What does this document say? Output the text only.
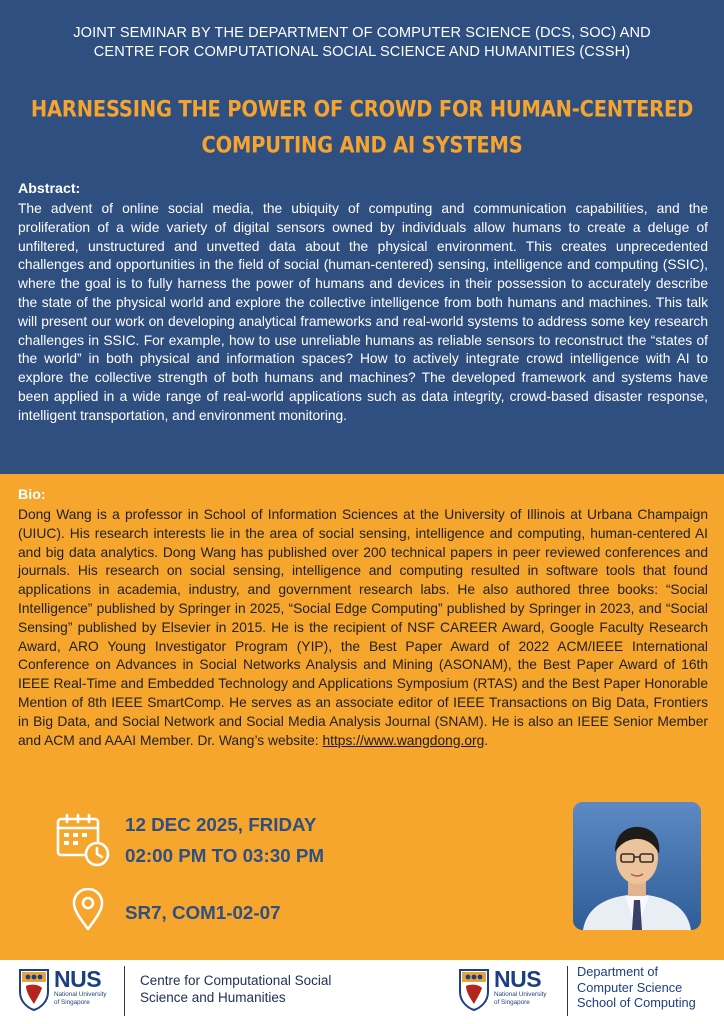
JOINT SEMINAR BY THE DEPARTMENT OF COMPUTER SCIENCE (DCS, SOC) AND
CENTRE FOR COMPUTATIONAL SOCIAL SCIENCE AND HUMANITIES (CSSH)
HARNESSING THE POWER OF CROWD FOR HUMAN-CENTERED
COMPUTING AND AI SYSTEMS

Abstract:

The advent of online social media, the ubiquity of computing and communication capabilities, and the proliferation of a wide variety of digital sensors owned by individuals allow humans to create a deluge of unfiltered, unstructured and unvetted data about the physical environment. This creates unprecedented challenges and opportunities in the field of social (human-centered) sensing, intelligence and computing (SSIC), where the goal is to fully harness the power of humans and devices in their possession to accurately describe the state of the physical world and explore the collective intelligence from both humans and machines. This talk will present our work on developing analytical frameworks and real-world systems to address some key research challenges in SSIC. For example, how to use unreliable humans as reliable sensors to reconstruct the “states of the world” in both physical and information spaces? How to actively integrate crowd intelligence with AI to explore the collective strength of both humans and machines? The developed framework and systems have been applied in a wide range of real-world applications such as data integrity, crowd-based disaster response, intelligent transportation, and environment monitoring.

Bio:

Dong Wang is a professor in School of Information Sciences at the University of Illinois at Urbana Champaign (UIUC). His research interests lie in the area of social sensing, intelligence and computing, human-centered AI and big data analytics. Dong Wang has published over 200 technical papers in peer reviewed conferences and journals. His research on social sensing, intelligence and computing resulted in software tools that found applications in academia, industry, and government research labs. He also authored three books: “Social Intelligence” published by Springer in 2025, “Social Edge Computing” published by Springer in 2023, and “Social Sensing” published by Elsevier in 2015. He is the recipient of NSF CAREER Award, Google Faculty Research Award, ARO Young Investigator Program (YIP), the Best Paper Award of 2022 ACM/IEEE International Conference on Advances in Social Networks Analysis and Mining (ASONAM), the Best Paper Award of 16th IEEE Real-Time and Embedded Technology and Applications Symposium (RTAS) and the Best Paper Honorable Mention of 8th IEEE SmartComp. He serves as an associate editor of IEEE Transactions on Big Data, Frontiers in Big Data, and Social Network and Social Media Analysis Journal (SNAM). He is also an IEEE Senior Member and ACM and AAAI Member. Dr. Wang’s website: https://www.wangdong.org.

12 DEC 2025, FRIDAY
02:00 PM TO 03:30 PM
SR7, COM1-02-07
NUS
National University
of Singapore
Centre for Computational Social
Science and Humanities
NUS
National University
of Singapore
Department of
Computer Science
School of Computing
